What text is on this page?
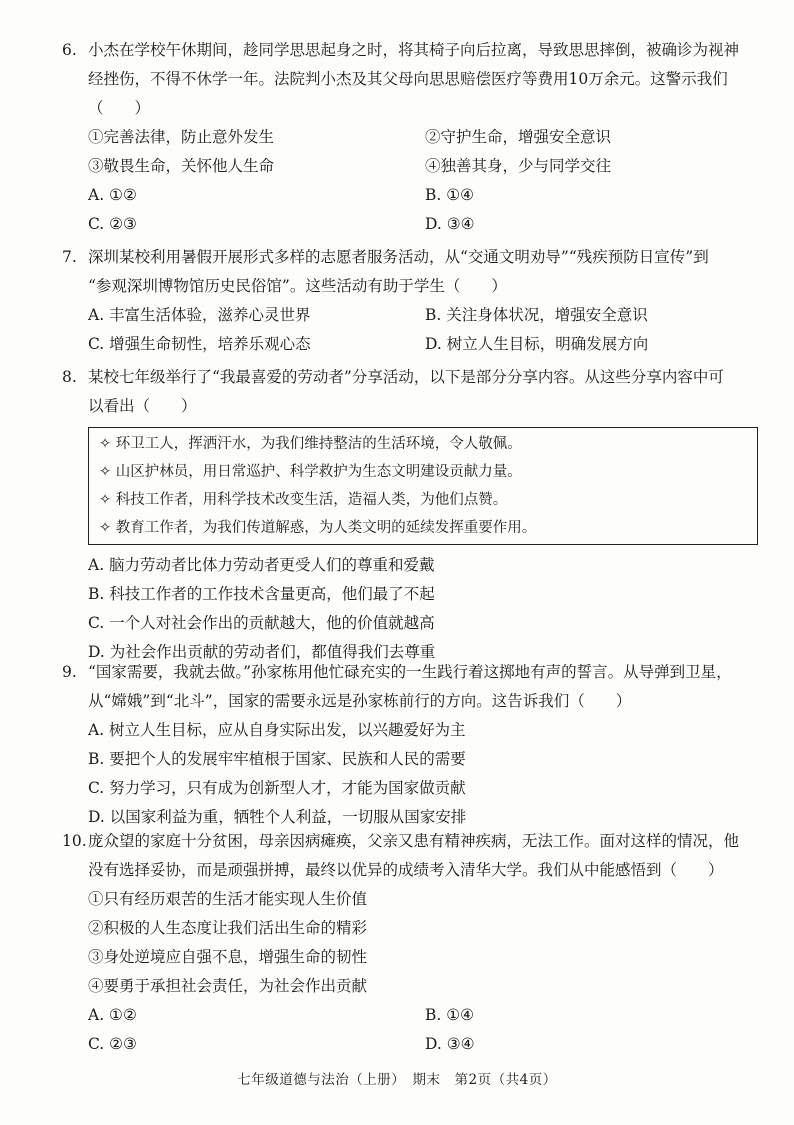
6. 小杰在学校午休期间，趁同学思思起身之时，将其椅子向后拉离，导致思思摔倒，被确诊为视神
经挫伤，不得不休学一年。法院判小杰及其父母向思思赔偿医疗等费用10万余元。这警示我们
（　　）
①完善法律，防止意外发生	②守护生命，增强安全意识
③敬畏生命，关怀他人生命	④独善其身，少与同学交往
A. ①②	B. ①④
C. ②③	D. ③④
7. 深圳某校利用暑假开展形式多样的志愿者服务活动，从“交通文明劝导”“残疾预防日宣传”到
“参观深圳博物馆历史民俗馆”。这些活动有助于学生（　　）
A. 丰富生活体验，滋养心灵世界	B. 关注身体状况，增强安全意识
C. 增强生命韧性，培养乐观心态	D. 树立人生目标，明确发展方向
8. 某校七年级举行了“我最喜爱的劳动者”分享活动，以下是部分分享内容。从这些分享内容中可
以看出（　　）
✧ 环卫工人，挥洒汗水，为我们维持整洁的生活环境，令人敬佩。
✧ 山区护林员，用日常巡护、科学救护为生态文明建设贡献力量。
✧ 科技工作者，用科学技术改变生活，造福人类，为他们点赞。
✧ 教育工作者，为我们传道解惑，为人类文明的延续发挥重要作用。
A. 脑力劳动者比体力劳动者更受人们的尊重和爱戴
B. 科技工作者的工作技术含量更高，他们最了不起
C. 一个人对社会作出的贡献越大，他的价值就越高
D. 为社会作出贡献的劳动者们，都值得我们去尊重
9. “国家需要，我就去做。”孙家栋用他忙碌充实的一生践行着这掷地有声的誓言。从导弹到卫星，
从“嫦娥”到“北斗”，国家的需要永远是孙家栋前行的方向。这告诉我们（　　）
A. 树立人生目标，应从自身实际出发，以兴趣爱好为主
B. 要把个人的发展牢牢植根于国家、民族和人民的需要
C. 努力学习，只有成为创新型人才，才能为国家做贡献
D. 以国家利益为重，牺牲个人利益，一切服从国家安排
10. 庞众望的家庭十分贫困，母亲因病瘫痪，父亲又患有精神疾病，无法工作。面对这样的情况，他
没有选择妥协，而是顽强拼搏，最终以优异的成绩考入清华大学。我们从中能感悟到（　　）
①只有经历艰苦的生活才能实现人生价值
②积极的人生态度让我们活出生命的精彩
③身处逆境应自强不息，增强生命的韧性
④要勇于承担社会责任，为社会作出贡献
A. ①②	B. ①④
C. ②③	D. ③④
七年级道德与法治（上册）　期末　第2页（共4页）
